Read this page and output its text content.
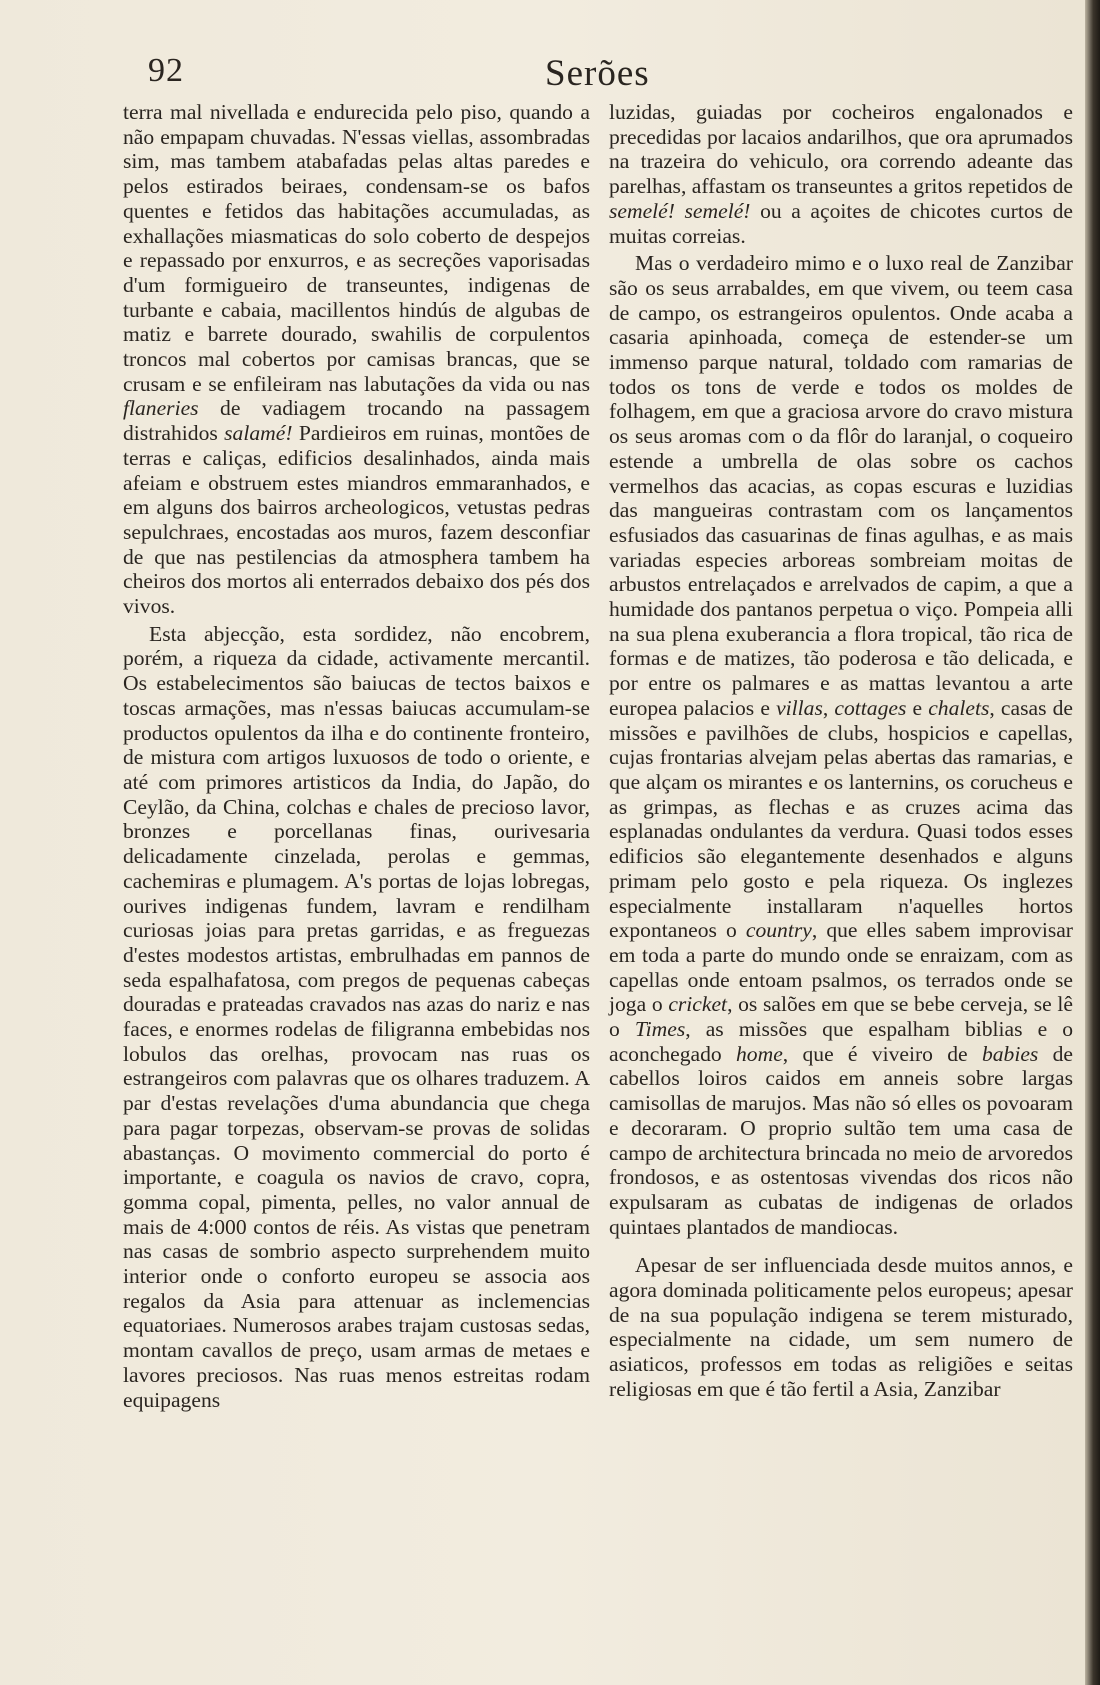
92	Serões

terra mal nivellada e endurecida pelo piso, quando a não empapam chuvadas. N'essas viellas, assombradas sim, mas tambem atabafadas pelas altas paredes e pelos estirados beiraes, condensam-se os bafos quentes e fetidos das habitações accumuladas, as exhallações miasmaticas do solo coberto de despejos e repassado por enxurros, e as secreções vaporisadas d'um formigueiro de transeuntes, indigenas de turbante e cabaia, macillentos hindús de algubas de matiz e barrete dourado, swahilis de corpulentos troncos mal cobertos por camisas brancas, que se crusam e se enfileiram nas labutações da vida ou nas flaneries de vadiagem trocando na passagem distrahidos salamé! Pardieiros em ruinas, montões de terras e caliças, edificios desalinhados, ainda mais afeiam e obstruem estes miandros emmaranhados, e em alguns dos bairros archeologicos, vetustas pedras sepulchraes, encostadas aos muros, fazem desconfiar de que nas pestilencias da atmosphera tambem ha cheiros dos mortos ali enterrados debaixo dos pés dos vivos.

Esta abjecção, esta sordidez, não encobrem, porém, a riqueza da cidade, activamente mercantil. Os estabelecimentos são baiucas de tectos baixos e toscas armações, mas n'essas baiucas accumulam-se productos opulentos da ilha e do continente fronteiro, de mistura com artigos luxuosos de todo o oriente, e até com primores artisticos da India, do Japão, do Ceylão, da China, colchas e chales de precioso lavor, bronzes e porcellanas finas, ourivesaria delicadamente cinzelada, perolas e gemmas, cachemiras e plumagem. A's portas de lojas lobregas, ourives indigenas fundem, lavram e rendilham curiosas joias para pretas garridas, e as freguezas d'estes modestos artistas, embrulhadas em pannos de seda espalhafatosa, com pregos de pequenas cabeças douradas e prateadas cravados nas azas do nariz e nas faces, e enormes rodelas de filigranna embebidas nos lobulos das orelhas, provocam nas ruas os estrangeiros com palavras que os olhares traduzem. A par d'estas revelações d'uma abundancia que chega para pagar torpezas, observam-se provas de solidas abastanças. O movimento commercial do porto é importante, e coagula os navios de cravo, copra, gomma copal, pimenta, pelles, no valor annual de mais de 4:000 contos de réis. As vistas que penetram nas casas de sombrio aspecto surprehendem muito interior onde o conforto europeu se associa aos regalos da Asia para attenuar as inclemencias equatoriaes. Numerosos arabes trajam custosas sedas, montam cavallos de preço, usam armas de metaes e lavores preciosos. Nas ruas menos estreitas rodam equipagens

luzidas, guiadas por cocheiros engalonados e precedidas por lacaios andarilhos, que ora aprumados na trazeira do vehiculo, ora correndo adeante das parelhas, affastam os transeuntes a gritos repetidos de semelé! semelé! ou a açoites de chicotes curtos de muitas correias.

Mas o verdadeiro mimo e o luxo real de Zanzibar são os seus arrabaldes, em que vivem, ou teem casa de campo, os estrangeiros opulentos. Onde acaba a casaria apinhoada, começa de estender-se um immenso parque natural, toldado com ramarias de todos os tons de verde e todos os moldes de folhagem, em que a graciosa arvore do cravo mistura os seus aromas com o da flôr do laranjal, o coqueiro estende a umbrella de olas sobre os cachos vermelhos das acacias, as copas escuras e luzidias das mangueiras contrastam com os lançamentos esfusiados das casuarinas de finas agulhas, e as mais variadas especies arboreas sombreiam moitas de arbustos entrelaçados e arrelvados de capim, a que a humidade dos pantanos perpetua o viço. Pompeia alli na sua plena exuberancia a flora tropical, tão rica de formas e de matizes, tão poderosa e tão delicada, e por entre os palmares e as mattas levantou a arte europea palacios e villas, cottages e chalets, casas de missões e pavilhões de clubs, hospicios e capellas, cujas frontarias alvejam pelas abertas das ramarias, e que alçam os mirantes e os lanternins, os corucheus e as grimpas, as flechas e as cruzes acima das esplanadas ondulantes da verdura. Quasi todos esses edificios são elegantemente desenhados e alguns primam pelo gosto e pela riqueza. Os inglezes especialmente installaram n'aquelles hortos expontaneos o country, que elles sabem improvisar em toda a parte do mundo onde se enraizam, com as capellas onde entoam psalmos, os terrados onde se joga o cricket, os salões em que se bebe cerveja, se lê o Times, as missões que espalham biblias e o aconchegado home, que é viveiro de babies de cabellos loiros caidos em anneis sobre largas camisollas de marujos. Mas não só elles os povoaram e decoraram. O proprio sultão tem uma casa de campo de architectura brincada no meio de arvoredos frondosos, e as ostentosas vivendas dos ricos não expulsaram as cubatas de indigenas de orlados quintaes plantados de mandiocas.

Apesar de ser influenciada desde muitos annos, e agora dominada politicamente pelos europeus; apesar de na sua população indigena se terem misturado, especialmente na cidade, um sem numero de asiaticos, professos em todas as religiões e seitas religiosas em que é tão fertil a Asia, Zanzibar
